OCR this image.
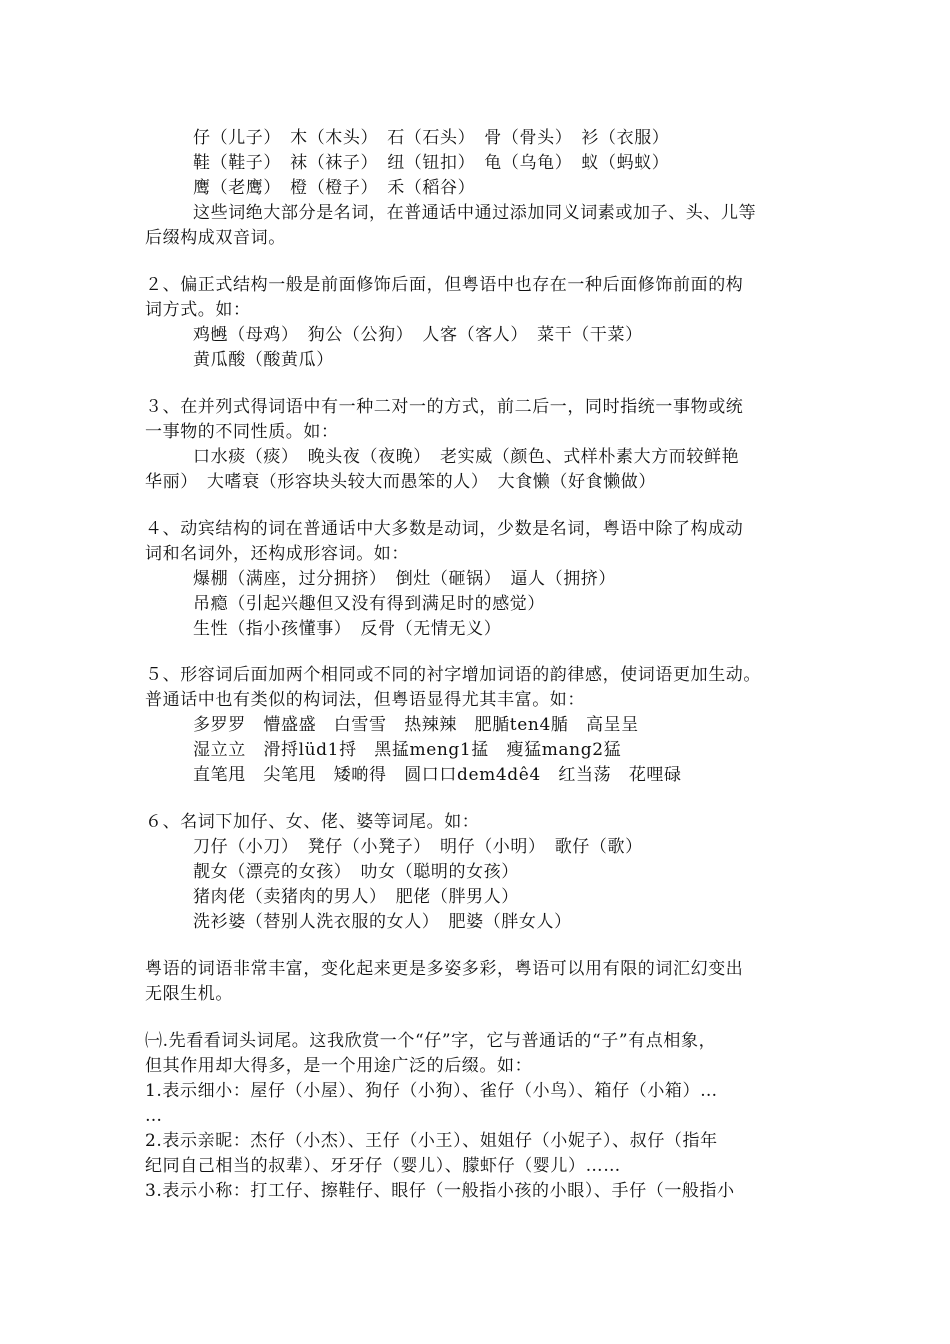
仔（儿子）　木（木头）　石（石头）　骨（骨头）　衫（衣服）
鞋（鞋子）　袜（袜子）　纽（钮扣）　龟（乌龟）　蚁（蚂蚁）
鹰（老鹰）　橙（橙子）　禾（稻谷）
这些词绝大部分是名词，在普通话中通过添加同义词素或加子、头、儿等
后缀构成双音词。
２、偏正式结构一般是前面修饰后面，但粤语中也存在一种后面修饰前面的构
词方式。如：
鸡乸（母鸡）　狗公（公狗）　人客（客人）　菜干（干菜）
黄瓜酸（酸黄瓜）
３、在并列式得词语中有一种二对一的方式，前二后一，同时指统一事物或统
一事物的不同性质。如：
口水痰（痰）　晚头夜（夜晚）　老实威（颜色、式样朴素大方而较鲜艳
华丽）　大嗜衰（形容块头较大而愚笨的人）　大食懒（好食懒做）
４、动宾结构的词在普通话中大多数是动词，少数是名词，粤语中除了构成动
词和名词外，还构成形容词。如：
爆棚（满座，过分拥挤）　倒灶（砸锅）　逼人（拥挤）
吊瘾（引起兴趣但又没有得到满足时的感觉）
生性（指小孩懂事）　反骨（无情无义）
５、形容词后面加两个相同或不同的衬字增加词语的韵律感，使词语更加生动。
普通话中也有类似的构词法，但粤语显得尤其丰富。如：
多罗罗　懵盛盛　白雪雪　热辣辣　肥腯ten4腯　高呈呈
湿立立　滑捋lüd1捋　黑掹meng1掹　瘦猛mang2猛
直笔甩　尖笔甩　矮啲得　圆口口dem4dê4　红当荡　花哩碌
６、名词下加仔、女、佬、婆等词尾。如：
刀仔（小刀）　凳仔（小凳子）　明仔（小明）　歌仔（歌）
靓女（漂亮的女孩）　叻女（聪明的女孩）
猪肉佬（卖猪肉的男人）　肥佬（胖男人）
洗衫婆（替别人洗衣服的女人）　肥婆（胖女人）
粤语的词语非常丰富，变化起来更是多姿多彩，粤语可以用有限的词汇幻变出
无限生机。
㈠.先看看词头词尾。这我欣赏一个“仔”字，它与普通话的“子”有点相象，
但其作用却大得多，是一个用途广泛的后缀。如：
1.表示细小：屋仔（小屋）、狗仔（小狗）、雀仔（小鸟）、箱仔（小箱）…
…
2.表示亲昵：杰仔（小杰）、王仔（小王）、姐姐仔（小妮子）、叔仔（指年
纪同自己相当的叔辈）、牙牙仔（婴儿）、朦虾仔（婴儿）……
3.表示小称：打工仔、擦鞋仔、眼仔（一般指小孩的小眼）、手仔（一般指小
